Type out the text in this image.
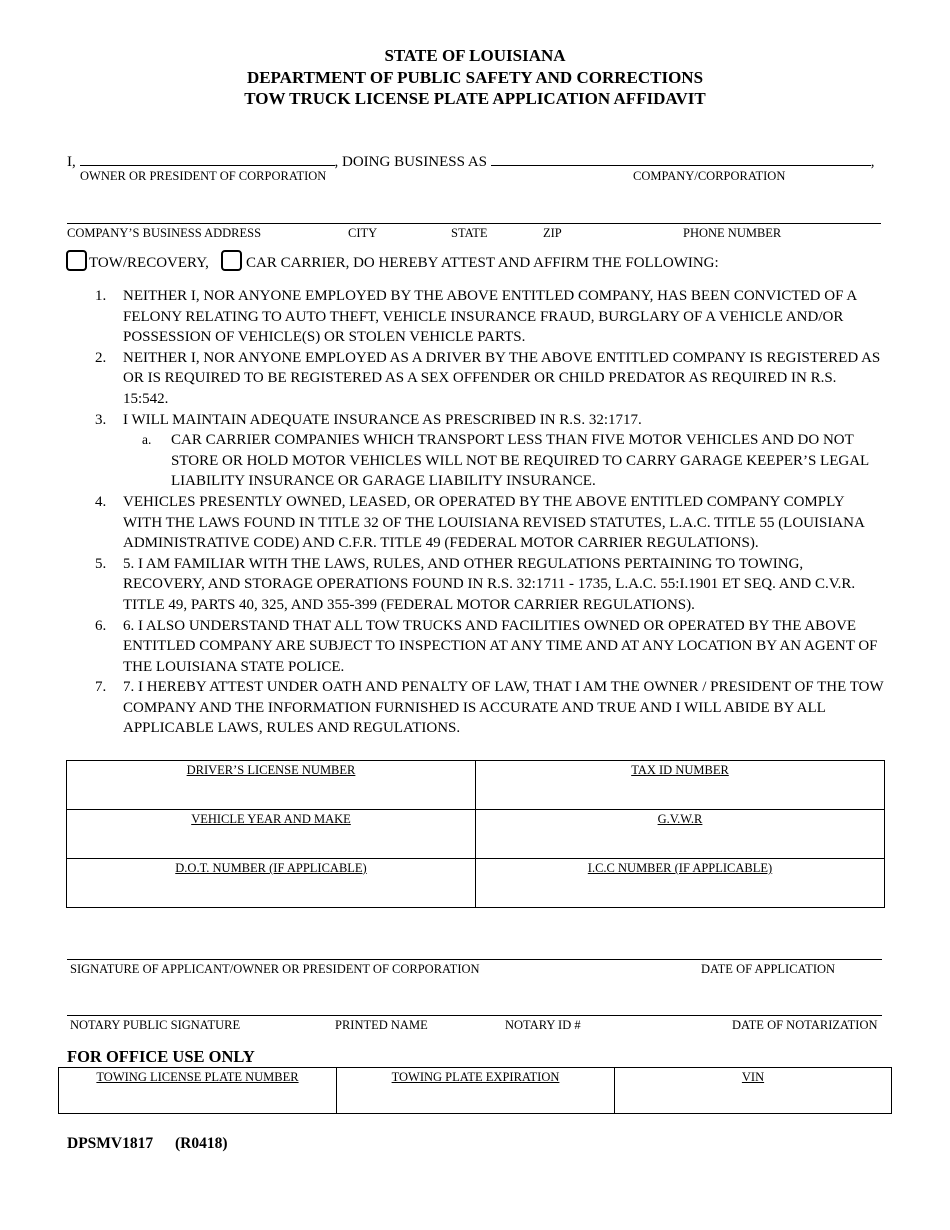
STATE OF LOUISIANA
DEPARTMENT OF PUBLIC SAFETY AND CORRECTIONS
TOW TRUCK LICENSE PLATE APPLICATION AFFIDAVIT
I,	, DOING BUSINESS AS	,
OWNER OR PRESIDENT OF CORPORATION	COMPANY/CORPORATION
COMPANY’S BUSINESS ADDRESS	CITY	STATE	ZIP	PHONE NUMBER
TOW/RECOVERY, CAR CARRIER, DO HEREBY ATTEST AND AFFIRM THE FOLLOWING:
1. NEITHER I, NOR ANYONE EMPLOYED BY THE ABOVE ENTITLED COMPANY, HAS BEEN CONVICTED OF A FELONY RELATING TO AUTO THEFT, VEHICLE INSURANCE FRAUD, BURGLARY OF A VEHICLE AND/OR POSSESSION OF VEHICLE(S) OR STOLEN VEHICLE PARTS.
2. NEITHER I, NOR ANYONE EMPLOYED AS A DRIVER BY THE ABOVE ENTITLED COMPANY IS REGISTERED AS OR IS REQUIRED TO BE REGISTERED AS A SEX OFFENDER OR CHILD PREDATOR AS REQUIRED IN R.S. 15:542.
3. I WILL MAINTAIN ADEQUATE INSURANCE AS PRESCRIBED IN R.S. 32:1717.
a. CAR CARRIER COMPANIES WHICH TRANSPORT LESS THAN FIVE MOTOR VEHICLES AND DO NOT STORE OR HOLD MOTOR VEHICLES WILL NOT BE REQUIRED TO CARRY GARAGE KEEPER’S LEGAL LIABILITY INSURANCE OR GARAGE LIABILITY INSURANCE.
4. VEHICLES PRESENTLY OWNED, LEASED, OR OPERATED BY THE ABOVE ENTITLED COMPANY COMPLY WITH THE LAWS FOUND IN TITLE 32 OF THE LOUISIANA REVISED STATUTES, L.A.C. TITLE 55 (LOUISIANA ADMINISTRATIVE CODE) AND C.F.R. TITLE 49 (FEDERAL MOTOR CARRIER REGULATIONS).
5. 5. I AM FAMILIAR WITH THE LAWS, RULES, AND OTHER REGULATIONS PERTAINING TO TOWING, RECOVERY, AND STORAGE OPERATIONS FOUND IN R.S. 32:1711 - 1735, L.A.C. 55:I.1901 ET SEQ. AND C.V.R. TITLE 49, PARTS 40, 325, AND 355-399 (FEDERAL MOTOR CARRIER REGULATIONS).
6. 6. I ALSO UNDERSTAND THAT ALL TOW TRUCKS AND FACILITIES OWNED OR OPERATED BY THE ABOVE ENTITLED COMPANY ARE SUBJECT TO INSPECTION AT ANY TIME AND AT ANY LOCATION BY AN AGENT OF THE LOUISIANA STATE POLICE.
7. 7. I HEREBY ATTEST UNDER OATH AND PENALTY OF LAW, THAT I AM THE OWNER / PRESIDENT OF THE TOW COMPANY AND THE INFORMATION FURNISHED IS ACCURATE AND TRUE AND I WILL ABIDE BY ALL APPLICABLE LAWS, RULES AND REGULATIONS.
DRIVER’S LICENSE NUMBER	TAX ID NUMBER
VEHICLE YEAR AND MAKE	G.V.W.R
D.O.T. NUMBER (IF APPLICABLE)	I.C.C NUMBER (IF APPLICABLE)
SIGNATURE OF APPLICANT/OWNER OR PRESIDENT OF CORPORATION	DATE OF APPLICATION
NOTARY PUBLIC SIGNATURE	PRINTED NAME	NOTARY ID #	DATE OF NOTARIZATION
FOR OFFICE USE ONLY
TOWING LICENSE PLATE NUMBER	TOWING PLATE EXPIRATION	VIN
DPSMV1817 (R0418)
